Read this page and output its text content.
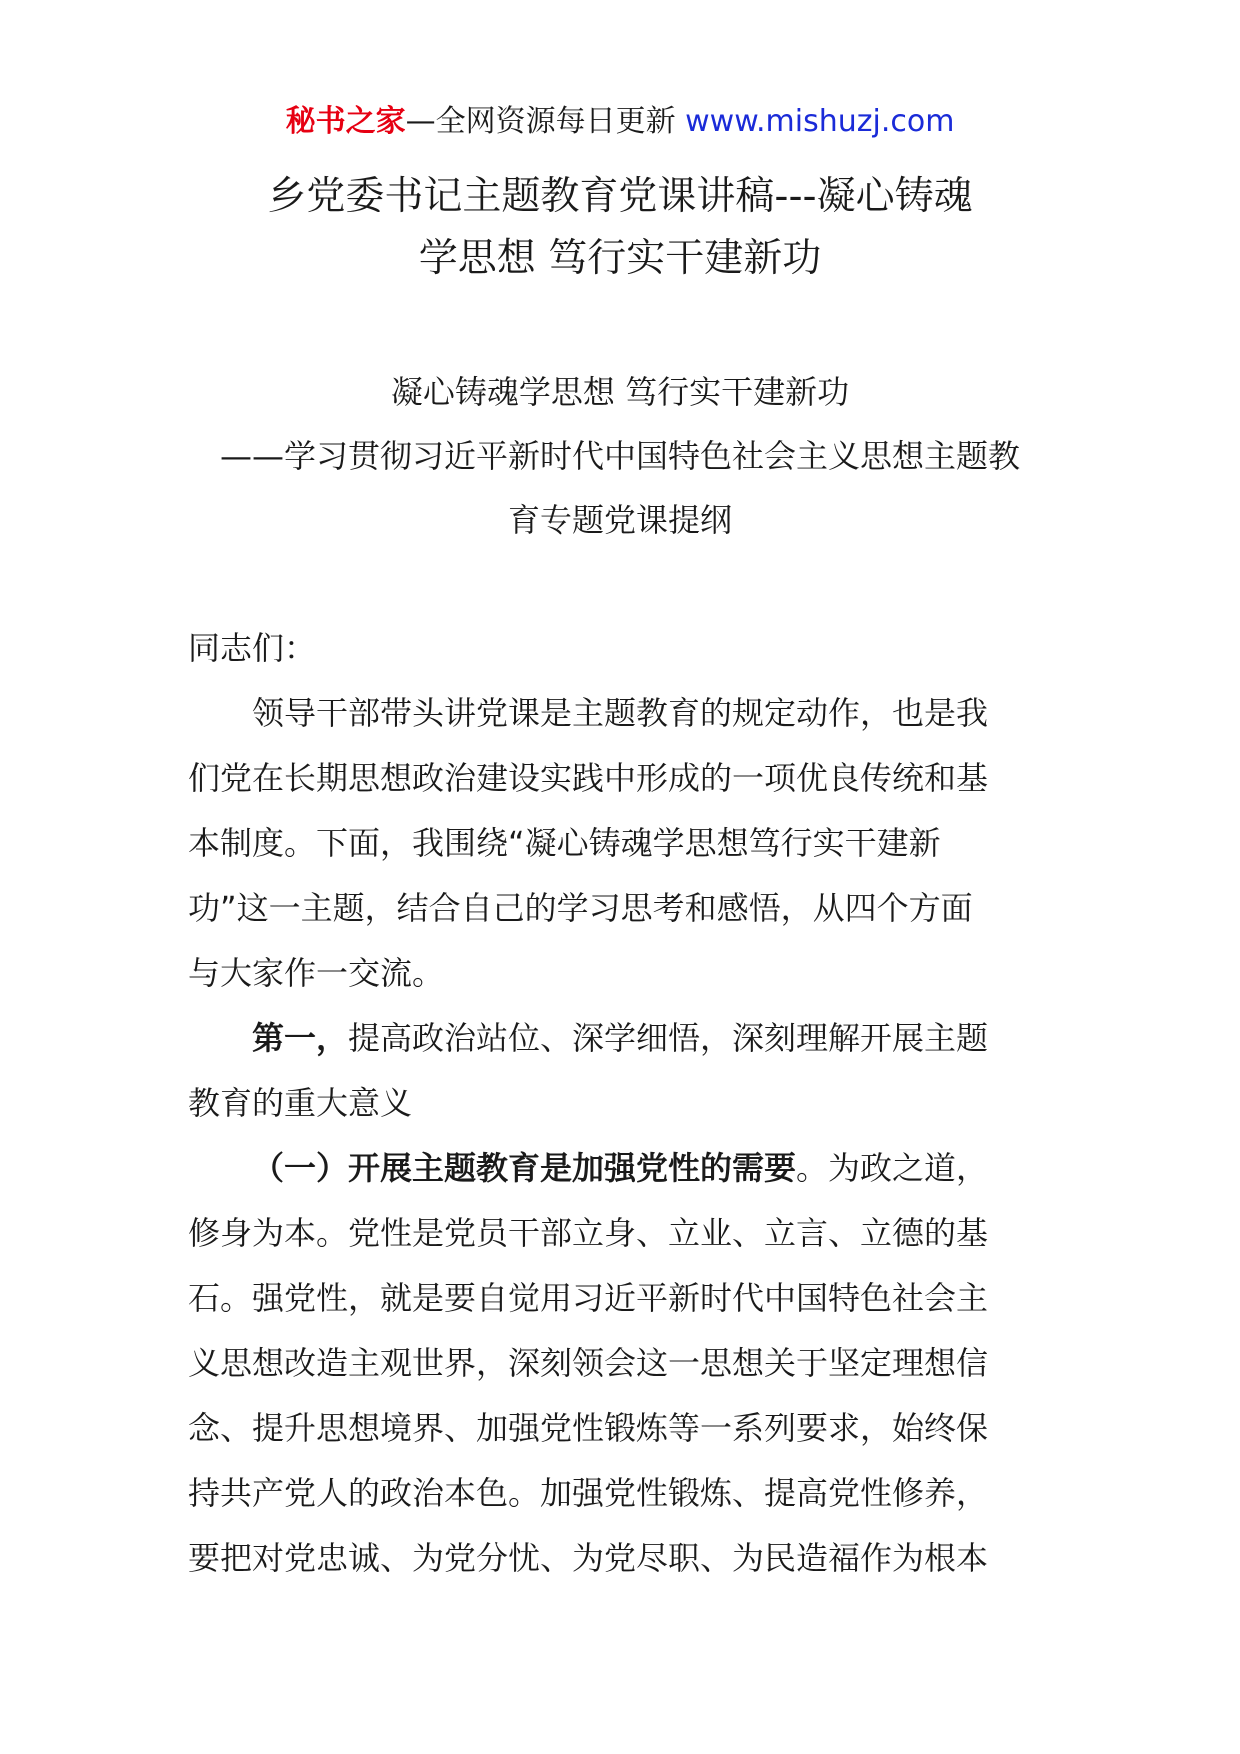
秘书之家—全网资源每日更新 www.mishuzj.com
乡党委书记主题教育党课讲稿---凝心铸魂
学思想 笃行实干建新功
凝心铸魂学思想 笃行实干建新功
——学习贯彻习近平新时代中国特色社会主义思想主题教
育专题党课提纲

同志们：

领导干部带头讲党课是主题教育的规定动作，也是我

们党在长期思想政治建设实践中形成的一项优良传统和基

本制度。下面，我围绕“凝心铸魂学思想笃行实干建新

功”这一主题，结合自己的学习思考和感悟，从四个方面

与大家作一交流。

第一，提高政治站位、深学细悟，深刻理解开展主题

教育的重大意义

（一）开展主题教育是加强党性的需要。为政之道，

修身为本。党性是党员干部立身、立业、立言、立德的基

石。强党性，就是要自觉用习近平新时代中国特色社会主

义思想改造主观世界，深刻领会这一思想关于坚定理想信

念、提升思想境界、加强党性锻炼等一系列要求，始终保

持共产党人的政治本色。加强党性锻炼、提高党性修养，

要把对党忠诚、为党分忧、为党尽职、为民造福作为根本
